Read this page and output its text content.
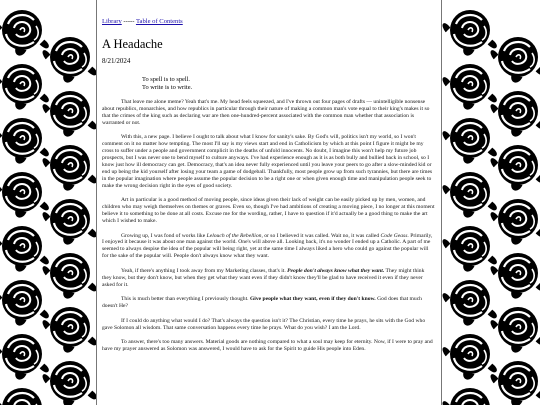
Library ----- Table of Contents
A Headache
8/21/2024
To spell is to spell.
To write is to write.

That leave me alone meme? Yeah that's me. My head feels squeezed, and I've thrown out four pages of drafts — unintelligible nonsense about republics, monarchies, and how republics in particular through their nature of making a common man's vote equal to their king's makes it so that the crimes of the king such as declaring war are then one-hundred-percent associated with the common man whether that association is warranted or not.

With this, a new page. I believe I ought to talk about what I know for sanity's sake. By God's will, politics isn't my world, so I won't comment on it no matter how tempting. The most I'll say is my views start and end in Catholicism by which at this point I figure it might be my cross to suffer under a people and government complicit in the deaths of unfold innocents. No doubt, I imagine this won't help my future job prospects, but I was never one to bend myself to culture anyways. I've had experience enough as it is as both bully and bullied back in school, so I know just how ill democracy can get. Democracy, that's an idea never fully experienced until you leave your peers to go after a slow-minded kid or end up being the kid yourself after losing your team a game of dodgeball. Thankfully, most people grow up from such tyrannies, but there are times in the popular imagination where people assume the popular decision to be a right one or when given enough time and manipulation people seek to make the wrong decision right in the eyes of good society.

Art in particular is a good method of moving people, since ideas given their lack of weight can be easily picked up by men, women, and children who may weigh themselves on themes or graves. Even so, though I've had ambitions of creating a moving piece, I no longer at this moment believe it to something to be done at all costs. Excuse me for the wording, rather, I have to question if it'd actually be a good thing to make the art which I wished to make.

Growing up, I was fond of works like Lelouch of the Rebellion, or so I believed it was called. Wait no, it was called Code Geass. Primarily, I enjoyed it because it was about one man against the world. One's will above all. Looking back, it's no wonder I ended up a Catholic. A part of me seemed to always despise the idea of the popular will being right, yet at the same time I always liked a hero who could go against the popular will for the sake of the popular will. People don't always know what they want.

Yeah, if there's anything I took away from my Marketing classes, that's it. People don't always know what they want. They might think they know, but they don't know, but when they get what they want even if they didn't know they'll be glad to have received it even if they never asked for it.

This is much better than everything I previously thought. Give people what they want, even if they don't know. God does that much doesn't He?

If I could do anything what would I do? That's always the question isn't it? The Christian, every time he prays, he sits with the God who gave Solomon all wisdom. That same conversation happens every time he prays. What do you wish? I am the Lord.

To answer, there's too many answers. Material goods are nothing compared to what a soul may keep for eternity. Now, if I were to pray and have my prayer answered as Solomon was answered, I would have to ask for the Spirit to guide His people into Eden.
